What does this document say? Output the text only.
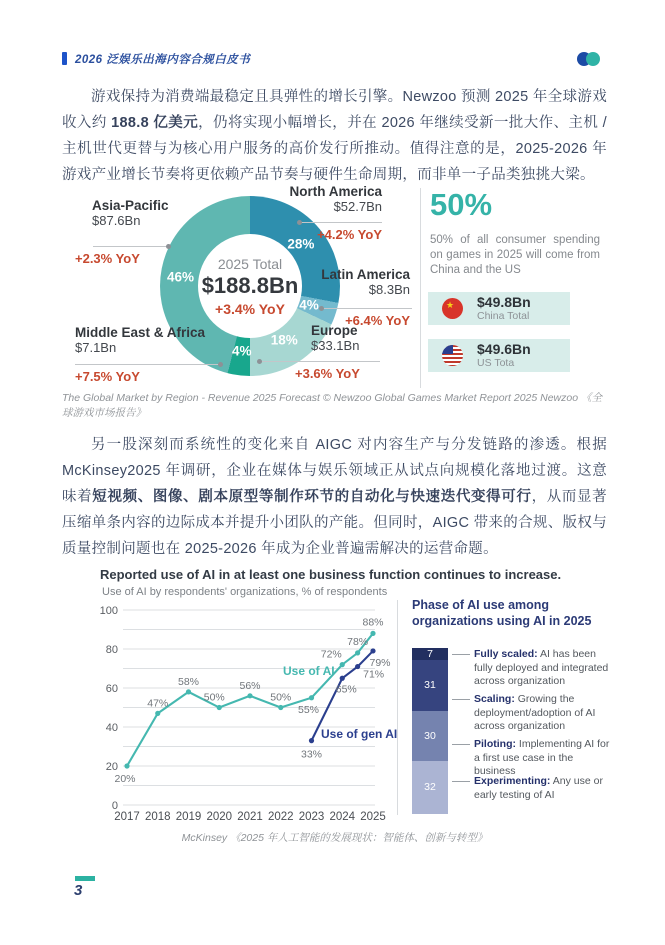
2026 泛娱乐出海内容合规白皮书

游戏保持为消费端最稳定且具弹性的增长引擎。Newzoo 预测 2025 年全球游戏收入约 188.8 亿美元，仍将实现小幅增长，并在 2026 年继续受新一批大作、主机 / 主机世代更替与为核心用户服务的高价发行所推动。值得注意的是，2025-2026 年游戏产业增长节奏将更依赖产品节奏与硬件生命周期，而非单一子品类独挑大梁。

28%
4%
18%
4%
46%
2025 Total
$188.8Bn
+3.4% YoY
Asia-Pacific
$87.6Bn
+2.3% YoY
North America
$52.7Bn
+4.2% YoY
Latin America
$8.3Bn
+6.4% YoY
Europe
$33.1Bn
+3.6% YoY
Middle East & Africa
$7.1Bn
+7.5% YoY
50%

50% of all consumer spending on games in 2025 will come from China and the US

★
$49.8Bn
China Total
$49.6Bn
US Tota

The Global Market by Region - Revenue 2025 Forecast © Newzoo Global Games Market Report 2025 Newzoo 《全球游戏市场报告》

另一股深刻而系统性的变化来自 AIGC 对内容生产与分发链路的渗透。根据 McKinsey2025 年调研，企业在媒体与娱乐领域正从试点向规模化落地过渡。这意味着短视频、图像、剧本原型等制作环节的自动化与快速迭代变得可行，从而显著压缩单条内容的边际成本并提升小团队的产能。但同时，AIGC 带来的合规、版权与质量控制问题也在 2025-2026 年成为企业普遍需解决的运营命题。

Reported use of AI in at least one business function continues to increase.
Use of AI by respondents' organizations, % of respondents
0
20
40
60
80
100
2017 2018 2019 2020 2021 2022 2023 2024 2025
20%
47%
58%
50%
56%
50%
55%
72%
78%
88%
33%
65%
71%
79%
Use of AI
Use of gen AI
Phase of AI use among organizations using AI in 2025
7
31
30
32
Fully scaled: AI has been fully deployed and integrated across organization
Scaling: Growing the deployment/adoption of AI across organization
Piloting: Implementing AI for a first use case in the business
Experimenting: Any use or early testing of AI

McKinsey 《2025 年人工智能的发展现状：智能体、创新与转型》

3
